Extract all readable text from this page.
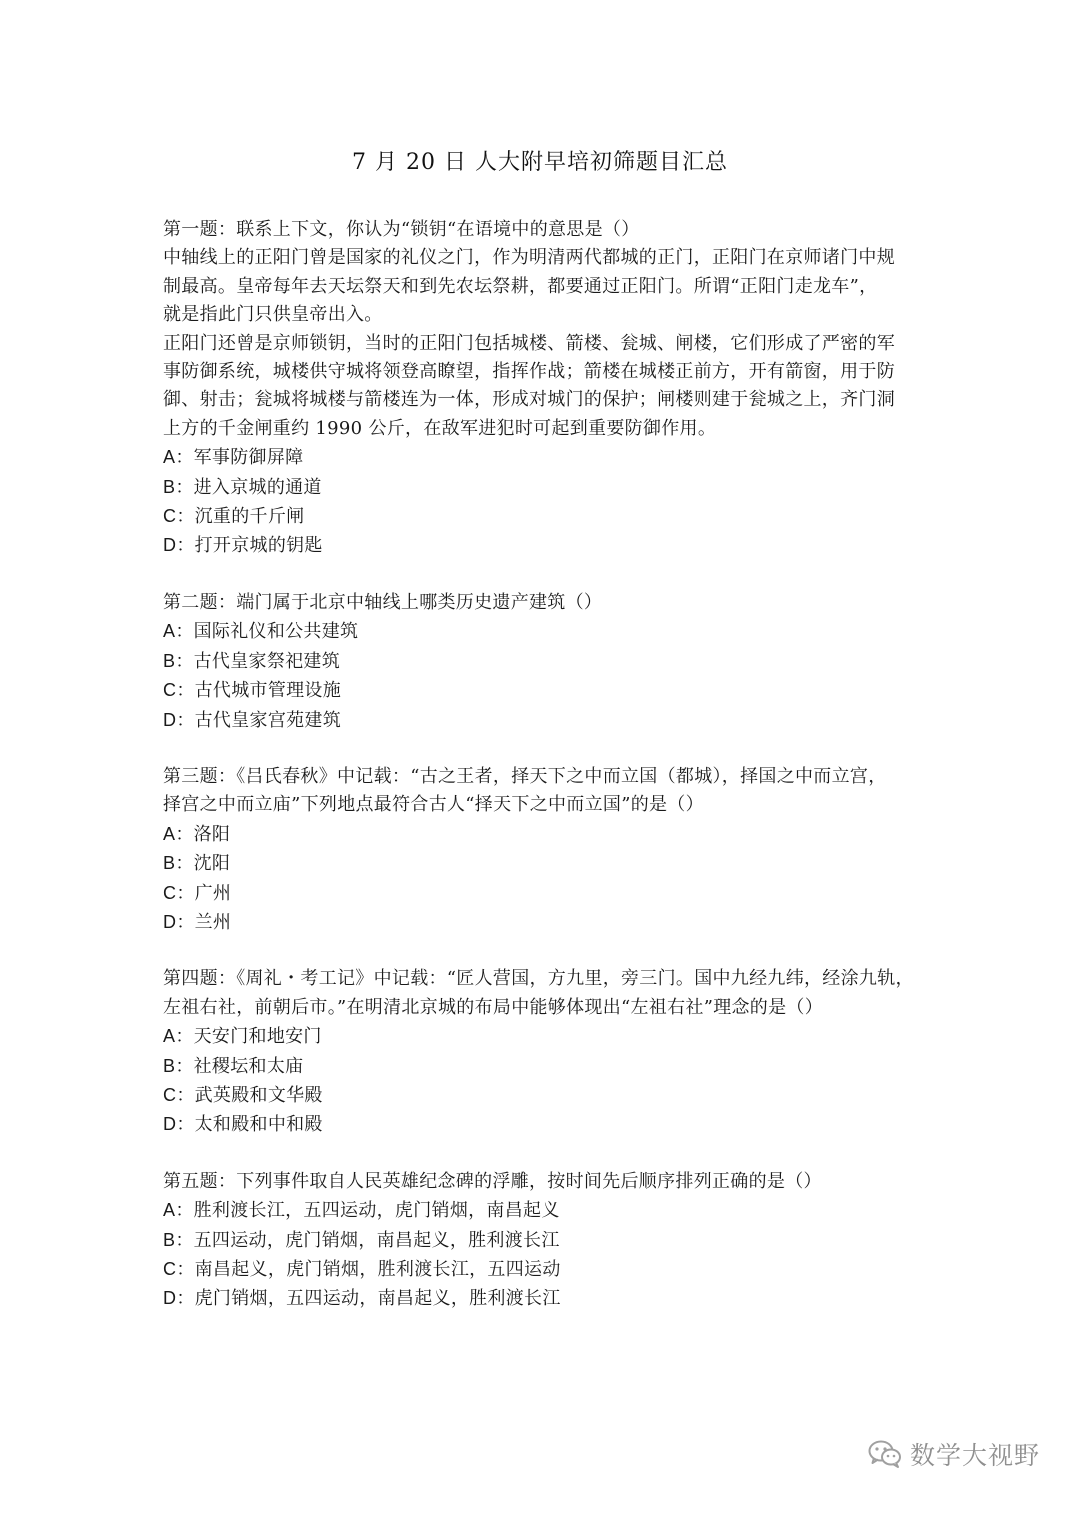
7 月 20 日 人大附早培初筛题目汇总
第一题：联系上下文，你认为“锁钥“在语境中的意思是（）
中轴线上的正阳门曾是国家的礼仪之门，作为明清两代都城的正门，正阳门在京师诸门中规
制最高。皇帝每年去天坛祭天和到先农坛祭耕，都要通过正阳门。所谓“正阳门走龙车”，
就是指此门只供皇帝出入。
正阳门还曾是京师锁钥，当时的正阳门包括城楼、箭楼、瓮城、闸楼，它们形成了严密的军
事防御系统，城楼供守城将领登高瞭望，指挥作战；箭楼在城楼正前方，开有箭窗，用于防
御、射击；瓮城将城楼与箭楼连为一体，形成对城门的保护；闸楼则建于瓮城之上，齐门洞
上方的千金闸重约 1990 公斤，在敌军进犯时可起到重要防御作用。
A：军事防御屏障
B：进入京城的通道
C：沉重的千斤闸
D：打开京城的钥匙
第二题：端门属于北京中轴线上哪类历史遗产建筑（）
A：国际礼仪和公共建筑
B：古代皇家祭祀建筑
C：古代城市管理设施
D：古代皇家宫苑建筑
第三题：《吕氏春秋》中记载：“古之王者，择天下之中而立国（都城），择国之中而立宫，
择宫之中而立庙”下列地点最符合古人“择天下之中而立国”的是（）
A：洛阳
B：沈阳
C：广州
D：兰州
第四题：《周礼・考工记》中记载：“匠人营国，方九里，旁三门。国中九经九纬，经涂九轨，
左祖右社，前朝后市。”在明清北京城的布局中能够体现出“左祖右社”理念的是（）
A：天安门和地安门
B：社稷坛和太庙
C：武英殿和文华殿
D：太和殿和中和殿
第五题：下列事件取自人民英雄纪念碑的浮雕，按时间先后顺序排列正确的是（）
A：胜利渡长江，五四运动，虎门销烟，南昌起义
B：五四运动，虎门销烟，南昌起义，胜利渡长江
C：南昌起义，虎门销烟，胜利渡长江，五四运动
D：虎门销烟，五四运动，南昌起义，胜利渡长江
数学大视野
